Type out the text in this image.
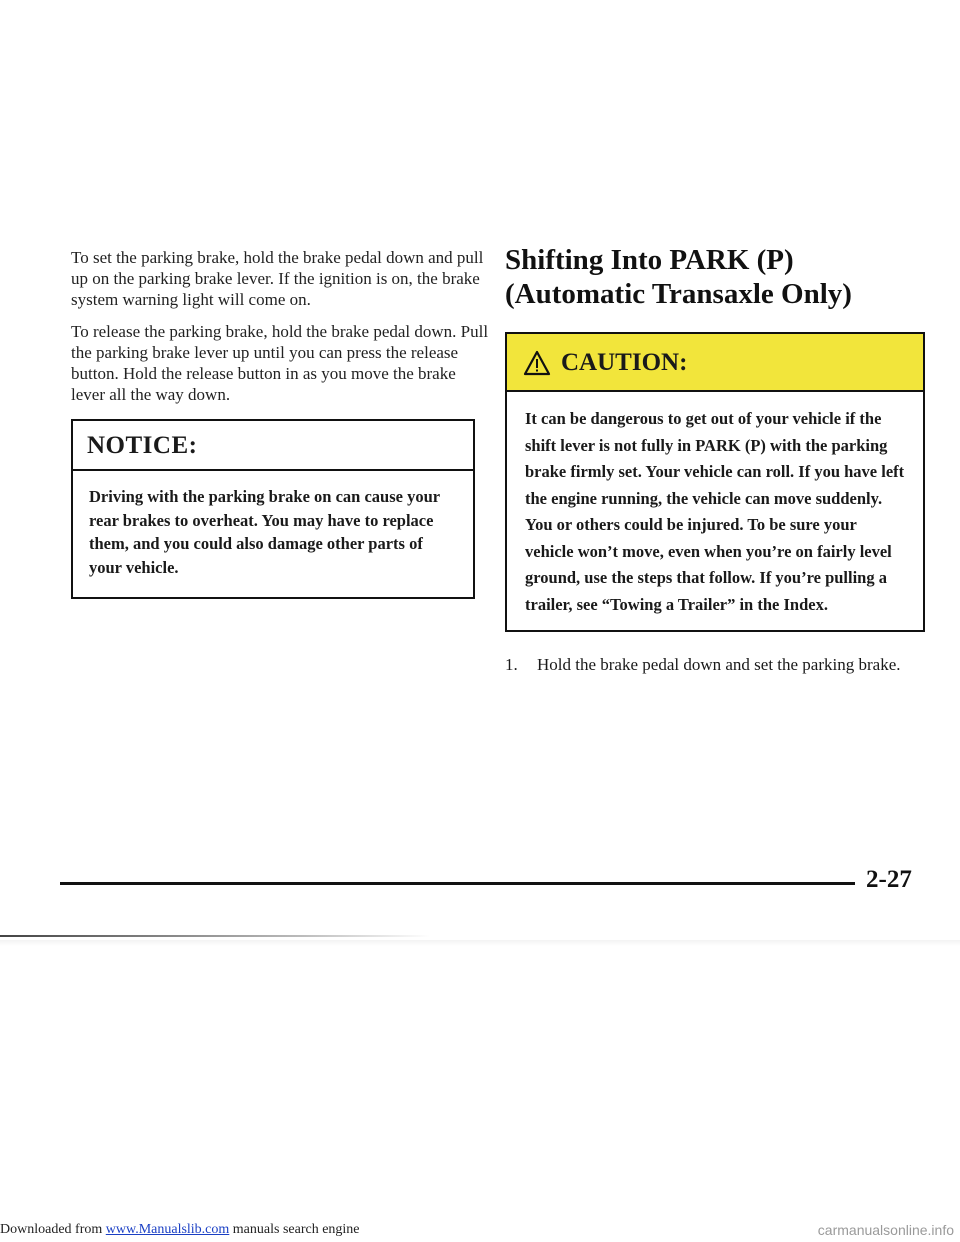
To set the parking brake, hold the brake pedal down and pull up on the parking brake lever. If the ignition is on, the brake system warning light will come on.

To release the parking brake, hold the brake pedal down. Pull the parking brake lever up until you can press the release button. Hold the release button in as you move the brake lever all the way down.

NOTICE:
Driving with the parking brake on can cause your rear brakes to overheat. You may have to replace them, and you could also damage other parts of your vehicle.
Shifting Into PARK (P)
(Automatic Transaxle Only)
CAUTION:
It can be dangerous to get out of your vehicle if the shift lever is not fully in PARK (P) with the parking brake firmly set. Your vehicle can roll. If you have left the engine running, the vehicle can move suddenly. You or others could be injured. To be sure your vehicle won’t move, even when you’re on fairly level ground, use the steps that follow. If you’re pulling a trailer, see “Towing a Trailer” in the Index.
1.	Hold the brake pedal down and set the parking brake.
2-27
Downloaded from www.Manualslib.com manuals search engine	carmanualsonline.info
